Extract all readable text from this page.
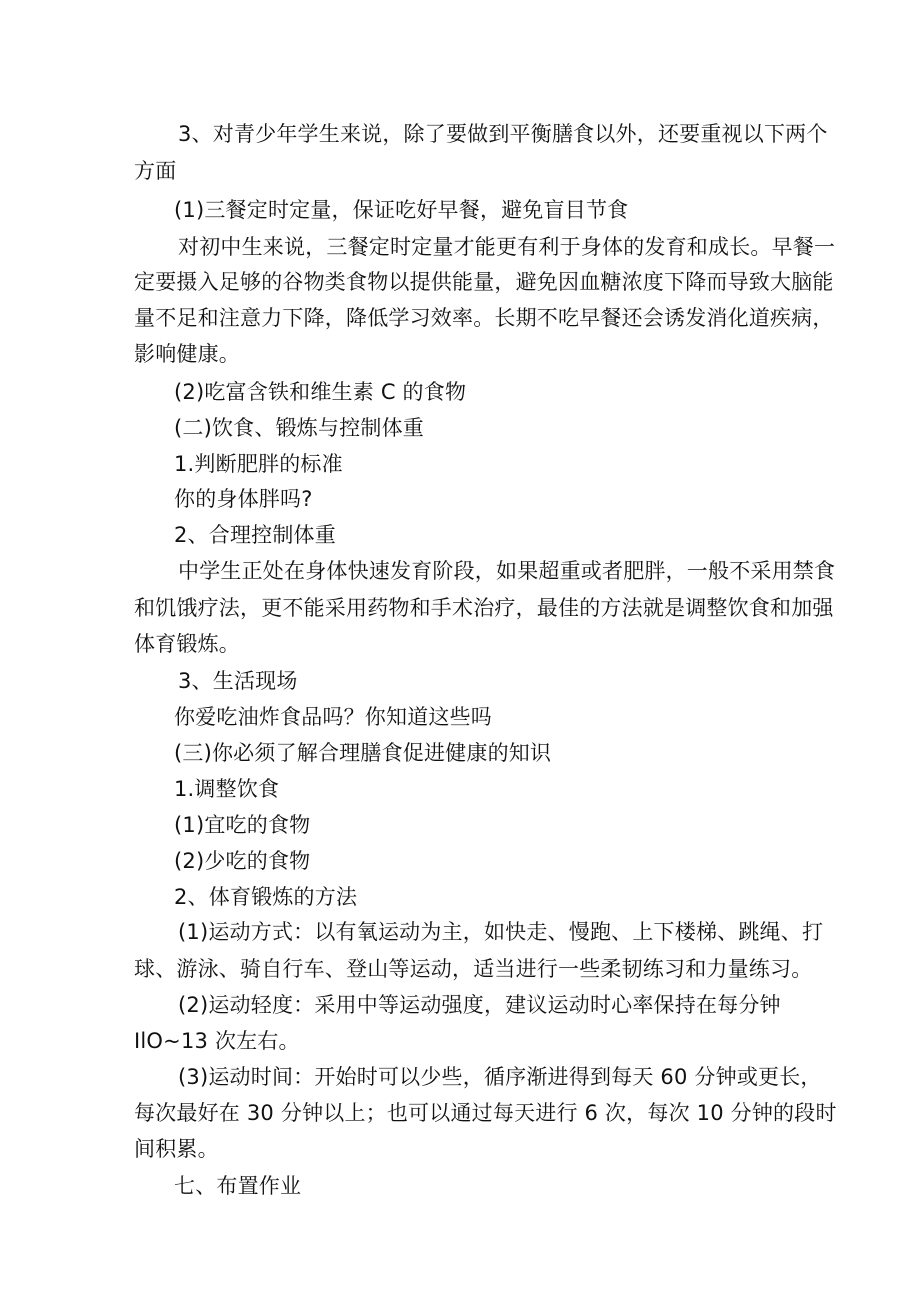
3、对青少年学生来说，除了要做到平衡膳食以外，还要重视以下两个
方面
(1)三餐定时定量，保证吃好早餐，避免盲目节食
对初中生来说，三餐定时定量才能更有利于身体的发育和成长。早餐一
定要摄入足够的谷物类食物以提供能量，避免因血糖浓度下降而导致大脑能
量不足和注意力下降，降低学习效率。长期不吃早餐还会诱发消化道疾病，
影响健康。
(2)吃富含铁和维生素 C 的食物
(二)饮食、锻炼与控制体重
1.判断肥胖的标准
你的身体胖吗?
2、合理控制体重
中学生正处在身体快速发育阶段，如果超重或者肥胖，一般不采用禁食
和饥饿疗法，更不能采用药物和手术治疗，最佳的方法就是调整饮食和加强
体育锻炼。
3、生活现场
你爱吃油炸食品吗？你知道这些吗
(三)你必须了解合理膳食促进健康的知识
1.调整饮食
(1)宜吃的食物
(2)少吃的食物
2、体育锻炼的方法
(1)运动方式：以有氧运动为主，如快走、慢跑、上下楼梯、跳绳、打
球、游泳、骑自行车、登山等运动，适当进行一些柔韧练习和力量练习。
(2)运动轻度：采用中等运动强度，建议运动时心率保持在每分钟
IlO~13 次左右。
(3)运动时间：开始时可以少些，循序渐进得到每天 60 分钟或更长，
每次最好在 30 分钟以上；也可以通过每天进行 6 次，每次 10 分钟的段时
间积累。
七、布置作业
